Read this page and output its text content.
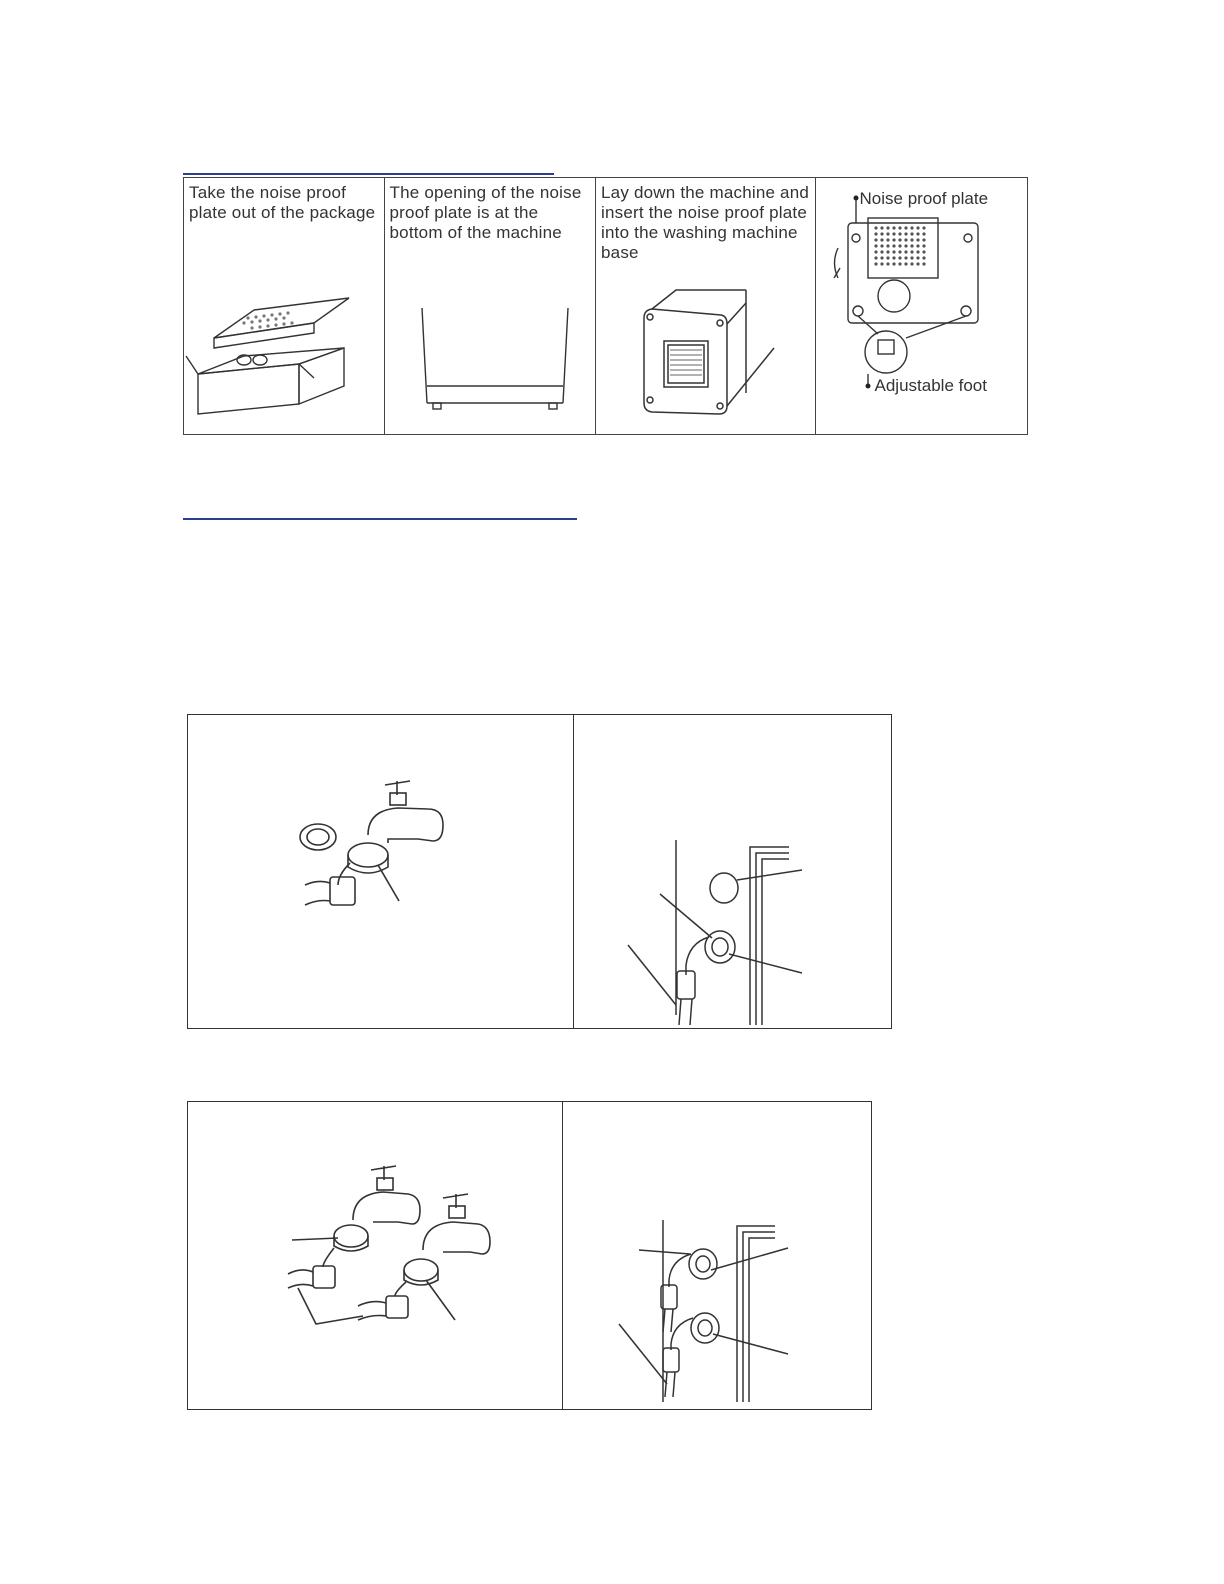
Take the noise proof plate out of the package
The opening of the noise proof plate is at the bottom of the machine
Lay down the machine and insert the noise proof plate into the washing machine base
Noise proof plate
Adjustable foot
